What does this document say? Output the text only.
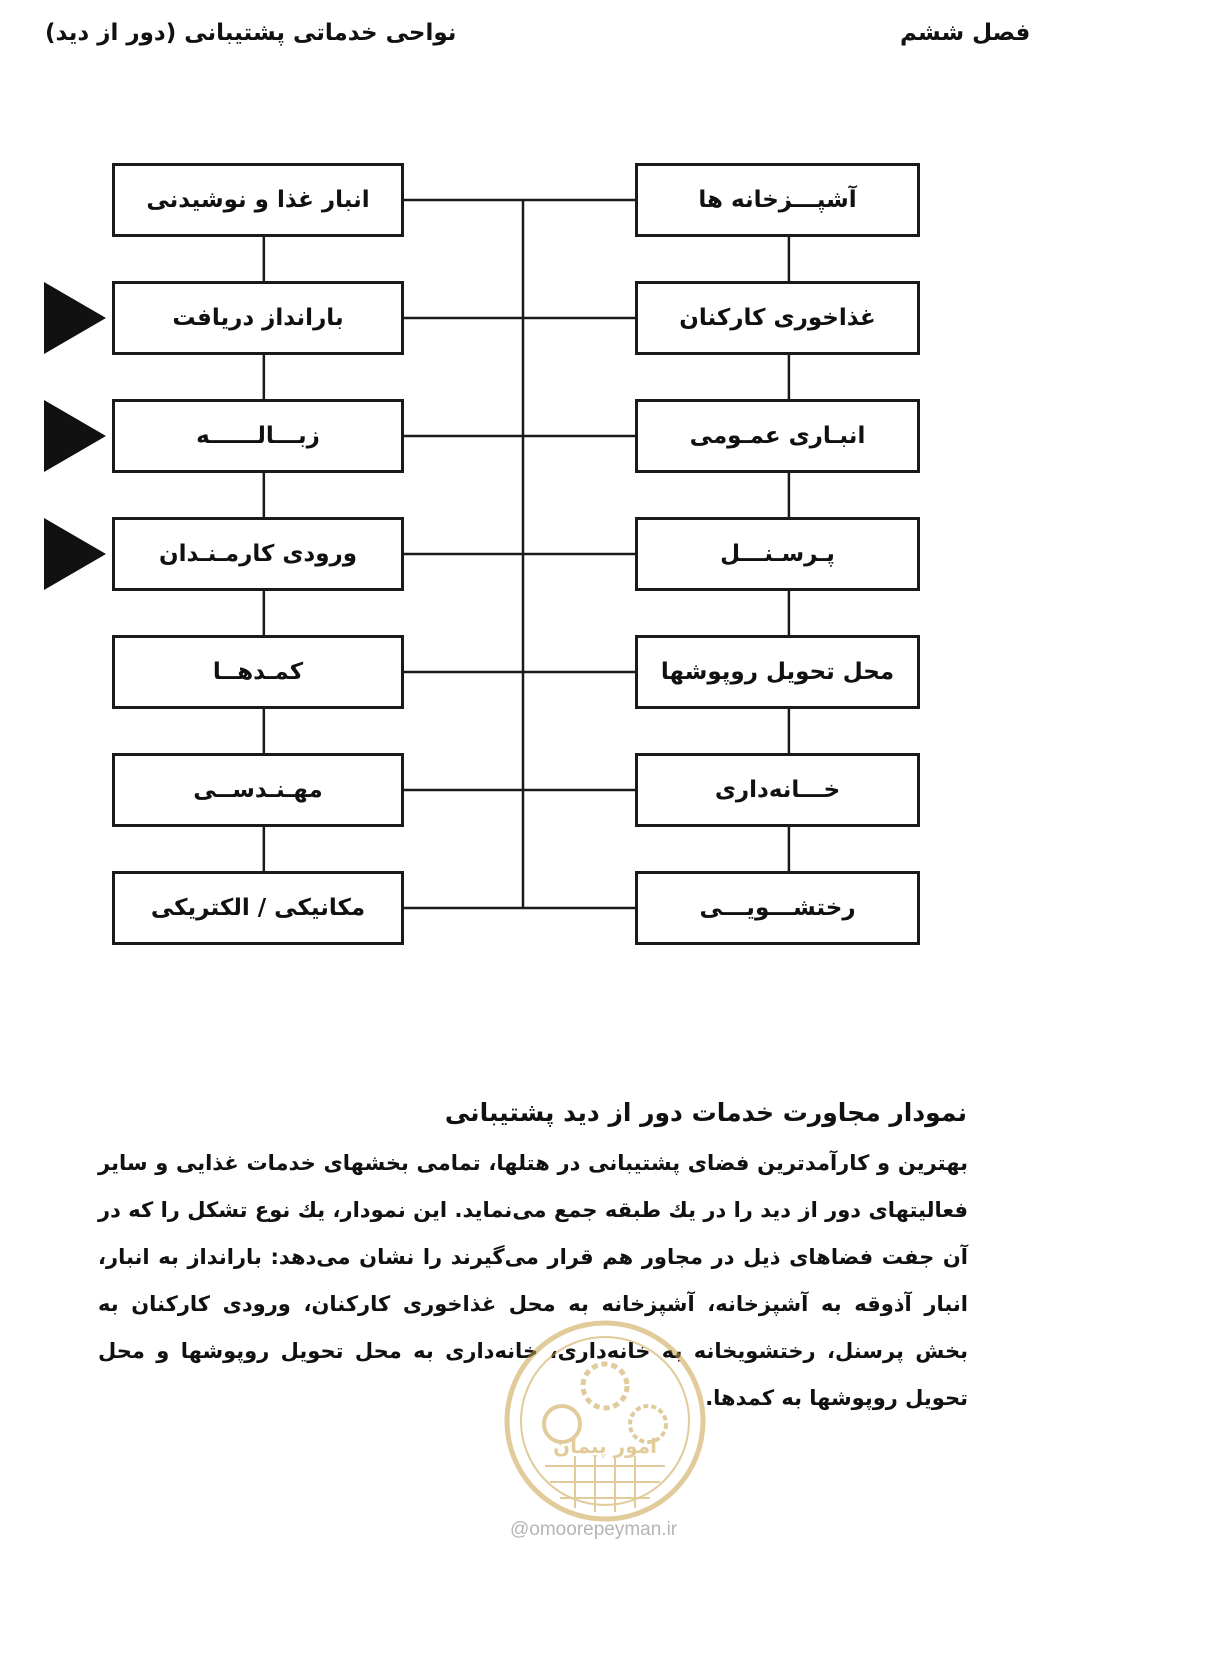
نواحی خدماتی پشتیبانی (دور از دید)	فصل ششم
انبار غذا و نوشیدنی
بارانداز دریافت
زبـــالــــــه
ورودی کارمـنـدان
کمـدهــا
مهـنـدســی
مکانیکی / الکتریکی
آشپـــزخانه ها
غذاخوری کارکنان
انبـاری عمـومی
پـرسـنـــل
محل تحویل روپوشها
خـــانه‌داری
رختشـــویـــی
نمودار مجاورت خدمات دور از دید پشتیبانی

بهترین و کارآمدترین فضای پشتیبانی در هتلها، تمامی بخشهای خدمات غذایی و سایر فعالیتهای دور از دید را در یك طبقه جمع می‌نماید. این نمودار، یك نوع تشکل را که در آن جفت فضاهای ذیل در مجاور هم قرار می‌گیرند را نشان می‌دهد: بارانداز به انبار، انبار آذوقه به آشپزخانه، آشپزخانه به محل غذاخوری کارکنان، ورودی کارکنان به بخش پرسنل، رختشویخانه به خانه‌داری، خانه‌داری به محل تحویل روپوشها و محل تحویل روپوشها به کمدها.

امور پیمان
@omoorepeyman.ir
